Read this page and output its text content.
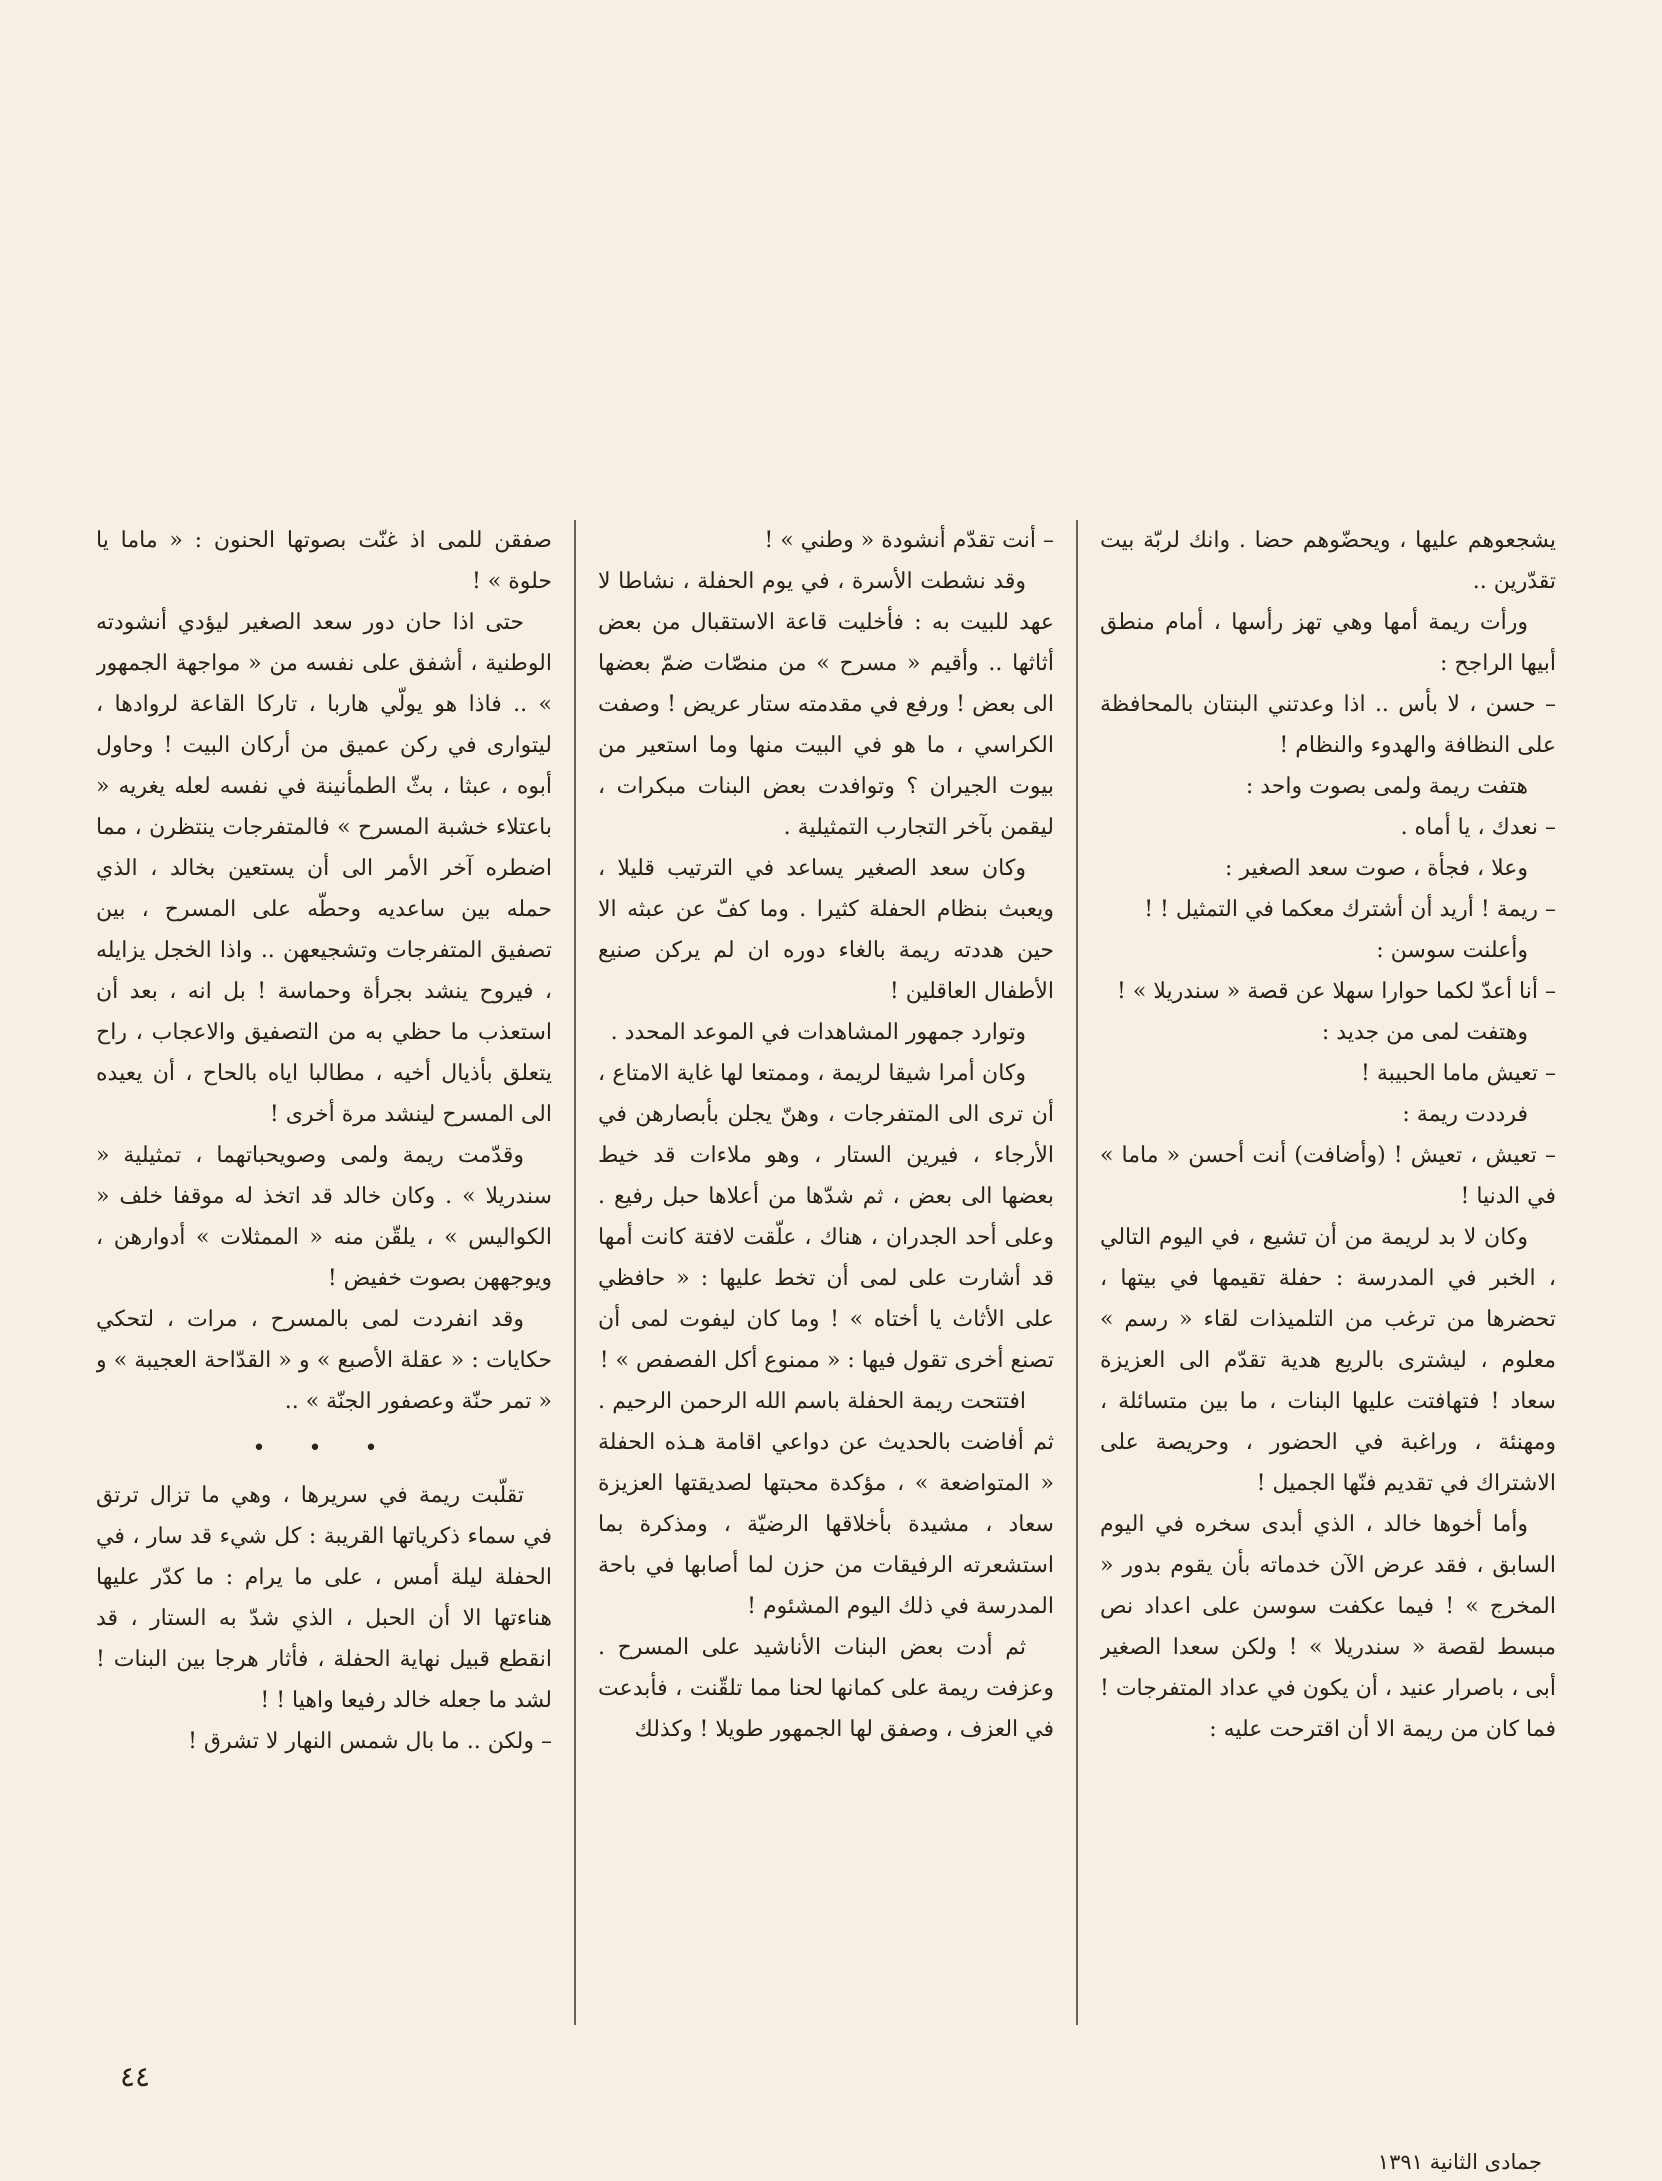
يشجعوهم عليها ، ويحضّوهم حضا . وانك لربّة بيت تقدّرين ..

ورأت ريمة أمها وهي تهز رأسها ، أمام منطق أبيها الراجح :

– حسن ، لا بأس .. اذا وعدتني البنتان بالمحافظة على النظافة والهدوء والنظام !

هتفت ريمة ولمى بصوت واحد :

– نعدك ، يا أماه .

وعلا ، فجأة ، صوت سعد الصغير :

– ريمة ! أريد أن أشترك معكما في التمثيل ! !

وأعلنت سوسن :

– أنا أعدّ لكما حوارا سهلا عن قصة « سندريلا » !

وهتفت لمى من جديد :

– تعيش ماما الحبيبة !

فرددت ريمة :

– تعيش ، تعيش ! (وأضافت) أنت أحسن « ماما » في الدنيا !

وكان لا بد لريمة من أن تشيع ، في اليوم التالي ، الخبر في المدرسة : حفلة تقيمها في بيتها ، تحضرها من ترغب من التلميذات لقاء « رسم » معلوم ، ليشترى بالريع هدية تقدّم الى العزيزة سعاد ! فتهافتت عليها البنات ، ما بين متسائلة ، ومهنئة ، وراغبة في الحضور ، وحريصة على الاشتراك في تقديم فنّها الجميل !

وأما أخوها خالد ، الذي أبدى سخره في اليوم السابق ، فقد عرض الآن خدماته بأن يقوم بدور « المخرج » ! فيما عكفت سوسن على اعداد نص مبسط لقصة « سندريلا » ! ولكن سعدا الصغير أبى ، باصرار عنيد ، أن يكون في عداد المتفرجات ! فما كان من ريمة الا أن اقترحت عليه :

– أنت تقدّم أنشودة « وطني » !

وقد نشطت الأسرة ، في يوم الحفلة ، نشاطا لا عهد للبيت به : فأخليت قاعة الاستقبال من بعض أثاثها .. وأقيم « مسرح » من منصّات ضمّ بعضها الى بعض ! ورفع في مقدمته ستار عريض ! وصفت الكراسي ، ما هو في البيت منها وما استعير من بيوت الجيران ؟ وتوافدت بعض البنات مبكرات ، ليقمن بآخر التجارب التمثيلية .

وكان سعد الصغير يساعد في الترتيب قليلا ، ويعبث بنظام الحفلة كثيرا . وما كفّ عن عبثه الا حين هددته ريمة بالغاء دوره ان لم يركن صنيع الأطفال العاقلين !

وتوارد جمهور المشاهدات في الموعد المحدد .

وكان أمرا شيقا لريمة ، وممتعا لها غاية الامتاع ، أن ترى الى المتفرجات ، وهنّ يجلن بأبصارهن في الأرجاء ، فيرين الستار ، وهو ملاءات قد خيط بعضها الى بعض ، ثم شدّها من أعلاها حبل رفيع . وعلى أحد الجدران ، هناك ، علّقت لافتة كانت أمها قد أشارت على لمى أن تخط عليها : « حافظي على الأثاث يا أختاه » ! وما كان ليفوت لمى أن تصنع أخرى تقول فيها : « ممنوع أكل الفصفص » !

افتتحت ريمة الحفلة باسم الله الرحمن الرحيم . ثم أفاضت بالحديث عن دواعي اقامة هـذه الحفلة « المتواضعة » ، مؤكدة محبتها لصديقتها العزيزة سعاد ، مشيدة بأخلاقها الرضيّة ، ومذكرة بما استشعرته الرفيقات من حزن لما أصابها في باحة المدرسة في ذلك اليوم المشئوم !

ثم أدت بعض البنات الأناشيد على المسرح . وعزفت ريمة على كمانها لحنا مما تلقّنت ، فأبدعت في العزف ، وصفق لها الجمهور طويلا ! وكذلك

صفقن للمى اذ غنّت بصوتها الحنون : « ماما يا حلوة » !

حتى اذا حان دور سعد الصغير ليؤدي أنشودته الوطنية ، أشفق على نفسه من « مواجهة الجمهور » .. فاذا هو يولّي هاربا ، تاركا القاعة لروادها ، ليتوارى في ركن عميق من أركان البيت ! وحاول أبوه ، عبثا ، بثّ الطمأنينة في نفسه لعله يغريه « باعتلاء خشبة المسرح » فالمتفرجات ينتظرن ، مما اضطره آخر الأمر الى أن يستعين بخالد ، الذي حمله بين ساعديه وحطّه على المسرح ، بين تصفيق المتفرجات وتشجيعهن .. واذا الخجل يزايله ، فيروح ينشد بجرأة وحماسة ! بل انه ، بعد أن استعذب ما حظي به من التصفيق والاعجاب ، راح يتعلق بأذيال أخيه ، مطالبا اياه بالحاح ، أن يعيده الى المسرح لينشد مرة أخرى !

وقدّمت ريمة ولمى وصويحباتهما ، تمثيلية « سندريلا » . وكان خالد قد اتخذ له موقفا خلف « الكواليس » ، يلقّن منه « الممثلات » أدوارهن ، ويوجههن بصوت خفيض !

وقد انفردت لمى بالمسرح ، مرات ، لتحكي حكايات : « عقلة الأصبع » و « القدّاحة العجيبة » و « تمر حنّة وعصفور الجنّة » ..

• • •

تقلّبت ريمة في سريرها ، وهي ما تزال ترتق في سماء ذكرياتها القريبة : كل شيء قد سار ، في الحفلة ليلة أمس ، على ما يرام : ما كدّر عليها هناءتها الا أن الحبل ، الذي شدّ به الستار ، قد انقطع قبيل نهاية الحفلة ، فأثار هرجا بين البنات ! لشد ما جعله خالد رفيعا واهيا ! !

– ولكن .. ما بال شمس النهار لا تشرق !

٤٤
جمادى الثانية ١٣٩١
